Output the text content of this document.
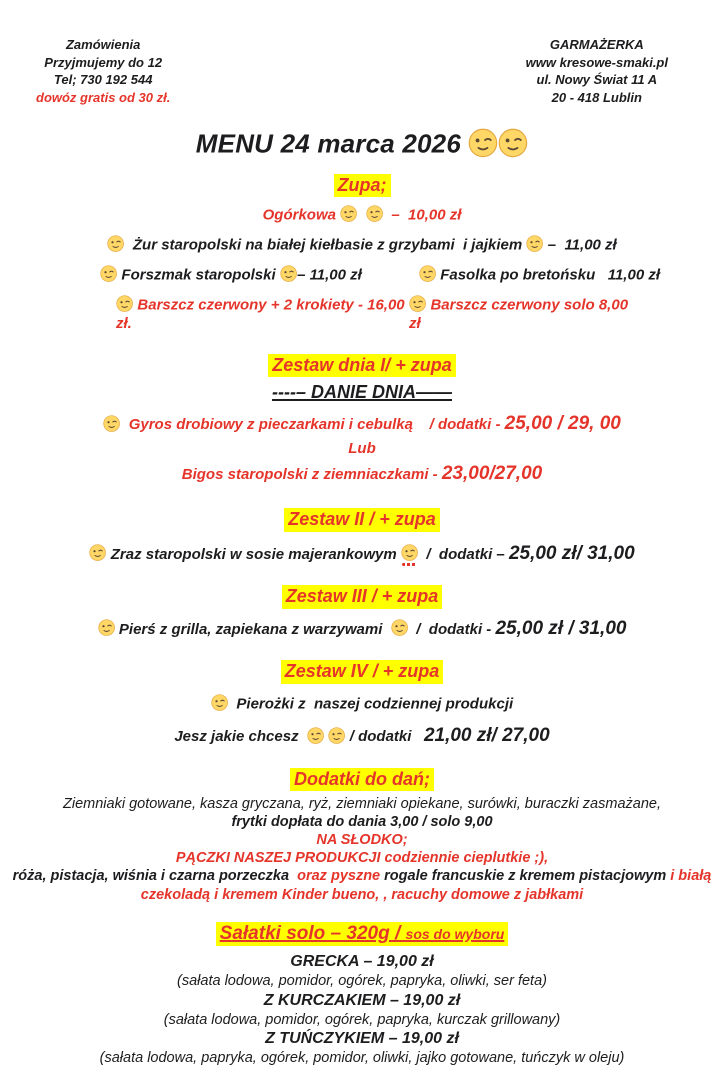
Zamówienia
Przyjmujemy do 12
Tel; 730 192 544
dowóz gratis od 30 zł.
GARMAŻERKA
www kresowe-smaki.pl
ul. Nowy Świat 11 A
20 - 418 Lublin
MENU 24 marca 2026
Zupa;
Ogórkowa
	–  10,00 zł
Żur staropolski na białej kiełbasie z grzybami  i jajkiem
–  11,00 zł
Forszmak staropolski
– 11,00 zł	Fasolka po bretońsku   11,00 zł
Barszcz czerwony + 2 krokiety - 16,00 zł.
Barszcz czerwony solo 8,00 zł
Zestaw dnia I/ + zupa
----– DANIE DNIA——
Gyros drobiowy z pieczarkami i cebulką    / dodatki - 25,00 / 29, 00
Lub
Bigos staropolski z ziemniaczkami - 23,00/27,00
Zestaw II / + zupa
Zraz staropolski w sosie majerankowym
/  dodatki – 25,00 zł/ 31,00
Zestaw III / + zupa
Pierś z grilla, zapiekana z warzywami
/  dodatki - 25,00 zł / 31,00
Zestaw IV / + zupa
Pierożki z  naszej codziennej produkcji
Jesz jakie chcesz
	/ dodatki   21,00 zł/ 27,00
Dodatki do dań;
Ziemniaki gotowane, kasza gryczana, ryż, ziemniaki opiekane, surówki, buraczki zasmażane,
frytki dopłata do dania 3,00 / solo 9,00
NA SŁODKO;
PĄCZKI NASZEJ PRODUKCJI codziennie cieplutkie ;),
róża, pistacja, wiśnia i czarna porzeczka  oraz pyszne rogale francuskie z kremem pistacjowym i białą
czekoladą i kremem Kinder bueno, , racuchy domowe z jabłkami
Sałatki solo – 320g / sos do wyboru
GRECKA – 19,00 zł
(sałata lodowa, pomidor, ogórek, papryka, oliwki, ser feta)
Z KURCZAKIEM – 19,00 zł
(sałata lodowa, pomidor, ogórek, papryka, kurczak grillowany)
Z TUŃCZYKIEM – 19,00 zł
(sałata lodowa, papryka, ogórek, pomidor, oliwki, jajko gotowane, tuńczyk w oleju)
